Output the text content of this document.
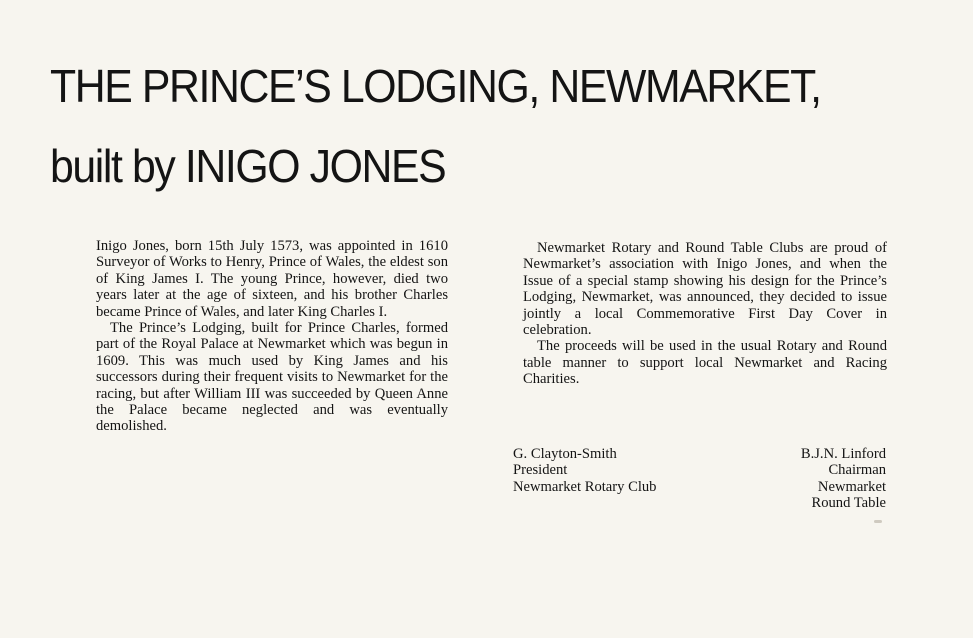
THE PRINCE’S LODGING, NEWMARKET,
built by INIGO JONES

Inigo Jones, born 15th July 1573, was appointed in 1610 Surveyor of Works to Henry, Prince of Wales, the eldest son of King James I. The young Prince, however, died two years later at the age of sixteen, and his brother Charles became Prince of Wales, and later King Charles I.

The Prince’s Lodging, built for Prince Charles, formed part of the Royal Palace at Newmarket which was begun in 1609. This was much used by King James and his successors during their frequent visits to Newmarket for the racing, but after William III was succeeded by Queen Anne the Palace became neglected and was eventually demolished.

Newmarket Rotary and Round Table Clubs are proud of Newmarket’s association with Inigo Jones, and when the Issue of a special stamp showing his design for the Prince’s Lodging, Newmarket, was announced, they decided to issue jointly a local Commemorative First Day Cover in celebration.

The proceeds will be used in the usual Rotary and Round table manner to support local Newmarket and Racing Charities.

G. Clayton-Smith
President
Newmarket Rotary Club
B.J.N. Linford
Chairman
Newmarket
Round Table
